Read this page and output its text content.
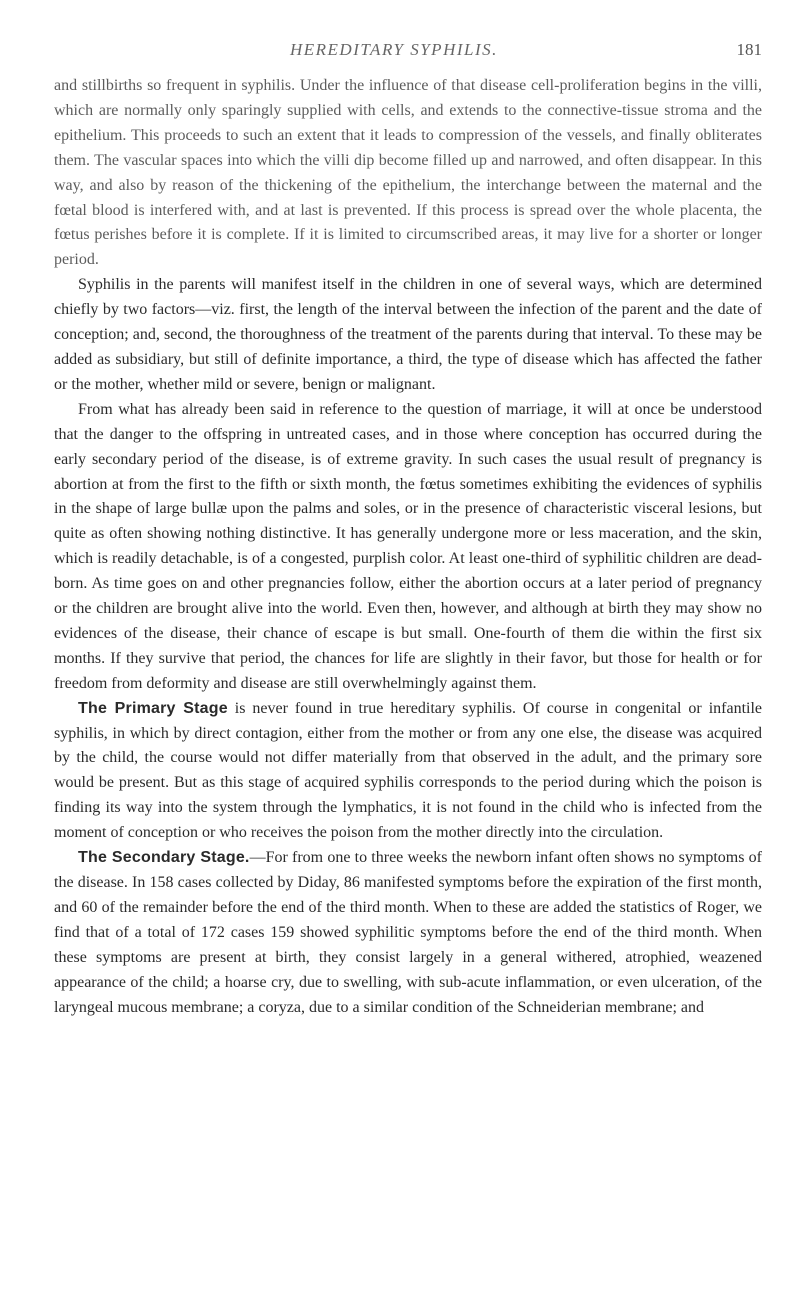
HEREDITARY SYPHILIS.	181

and stillbirths so frequent in syphilis. Under the influence of that disease cell-proliferation begins in the villi, which are normally only sparingly supplied with cells, and extends to the connective-tissue stroma and the epithelium. This proceeds to such an extent that it leads to compression of the vessels, and finally obliterates them. The vascular spaces into which the villi dip become filled up and narrowed, and often disappear. In this way, and also by reason of the thickening of the epithelium, the interchange between the maternal and the fœtal blood is interfered with, and at last is prevented. If this process is spread over the whole placenta, the fœtus perishes before it is complete. If it is limited to circumscribed areas, it may live for a shorter or longer period.

Syphilis in the parents will manifest itself in the children in one of several ways, which are determined chiefly by two factors—viz. first, the length of the interval between the infection of the parent and the date of conception; and, second, the thoroughness of the treatment of the parents during that interval. To these may be added as subsidiary, but still of definite importance, a third, the type of disease which has affected the father or the mother, whether mild or severe, benign or malignant.

From what has already been said in reference to the question of marriage, it will at once be understood that the danger to the offspring in untreated cases, and in those where conception has occurred during the early secondary period of the disease, is of extreme gravity. In such cases the usual result of pregnancy is abortion at from the first to the fifth or sixth month, the fœtus sometimes exhibiting the evidences of syphilis in the shape of large bullæ upon the palms and soles, or in the presence of characteristic visceral lesions, but quite as often showing nothing distinctive. It has generally undergone more or less maceration, and the skin, which is readily detachable, is of a congested, purplish color. At least one-third of syphilitic children are dead-born. As time goes on and other pregnancies follow, either the abortion occurs at a later period of pregnancy or the children are brought alive into the world. Even then, however, and although at birth they may show no evidences of the disease, their chance of escape is but small. One-fourth of them die within the first six months. If they survive that period, the chances for life are slightly in their favor, but those for health or for freedom from deformity and disease are still overwhelmingly against them.

The Primary Stage is never found in true hereditary syphilis. Of course in congenital or infantile syphilis, in which by direct contagion, either from the mother or from any one else, the disease was acquired by the child, the course would not differ materially from that observed in the adult, and the primary sore would be present. But as this stage of acquired syphilis corresponds to the period during which the poison is finding its way into the system through the lymphatics, it is not found in the child who is infected from the moment of conception or who receives the poison from the mother directly into the circulation.

The Secondary Stage.—For from one to three weeks the newborn infant often shows no symptoms of the disease. In 158 cases collected by Diday, 86 manifested symptoms before the expiration of the first month, and 60 of the remainder before the end of the third month. When to these are added the statistics of Roger, we find that of a total of 172 cases 159 showed syphilitic symptoms before the end of the third month. When these symptoms are present at birth, they consist largely in a general withered, atrophied, weazened appearance of the child; a hoarse cry, due to swelling, with sub-acute inflammation, or even ulceration, of the laryngeal mucous membrane; a coryza, due to a similar condition of the Schneiderian membrane; and
